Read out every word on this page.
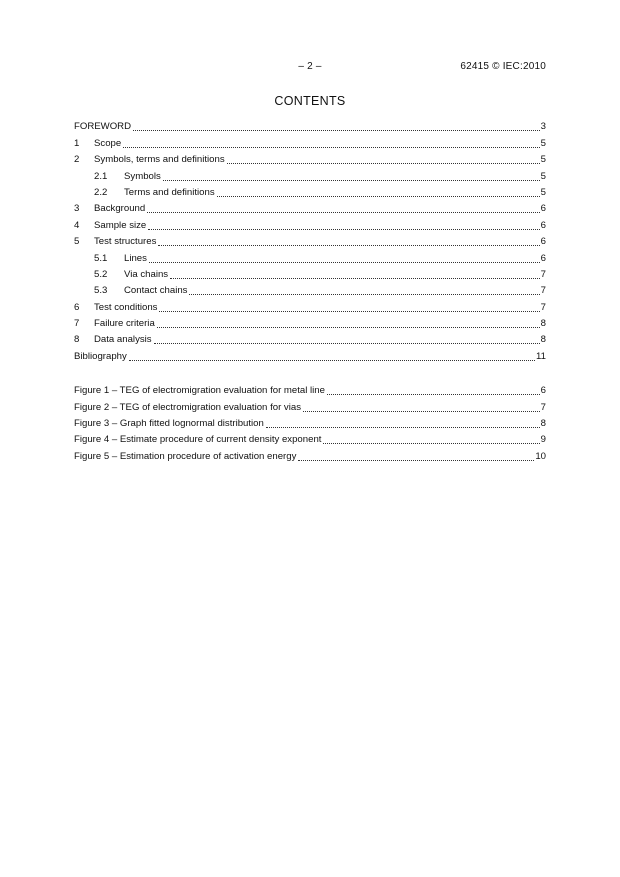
– 2 –	62415 © IEC:2010
CONTENTS
FOREWORD	3
1	Scope	5
2	Symbols, terms and definitions	5
2.1	Symbols	5
2.2	Terms and definitions	5
3	Background	6
4	Sample size	6
5	Test structures	6
5.1	Lines	6
5.2	Via chains	7
5.3	Contact chains	7
6	Test conditions	7
7	Failure criteria	8
8	Data analysis	8
Bibliography	11
Figure 1 – TEG of electromigration evaluation for metal line	6
Figure 2 – TEG of electromigration evaluation for vias	7
Figure 3 – Graph fitted lognormal distribution	8
Figure 4 – Estimate procedure of current density exponent	9
Figure 5 – Estimation procedure of activation energy	10
